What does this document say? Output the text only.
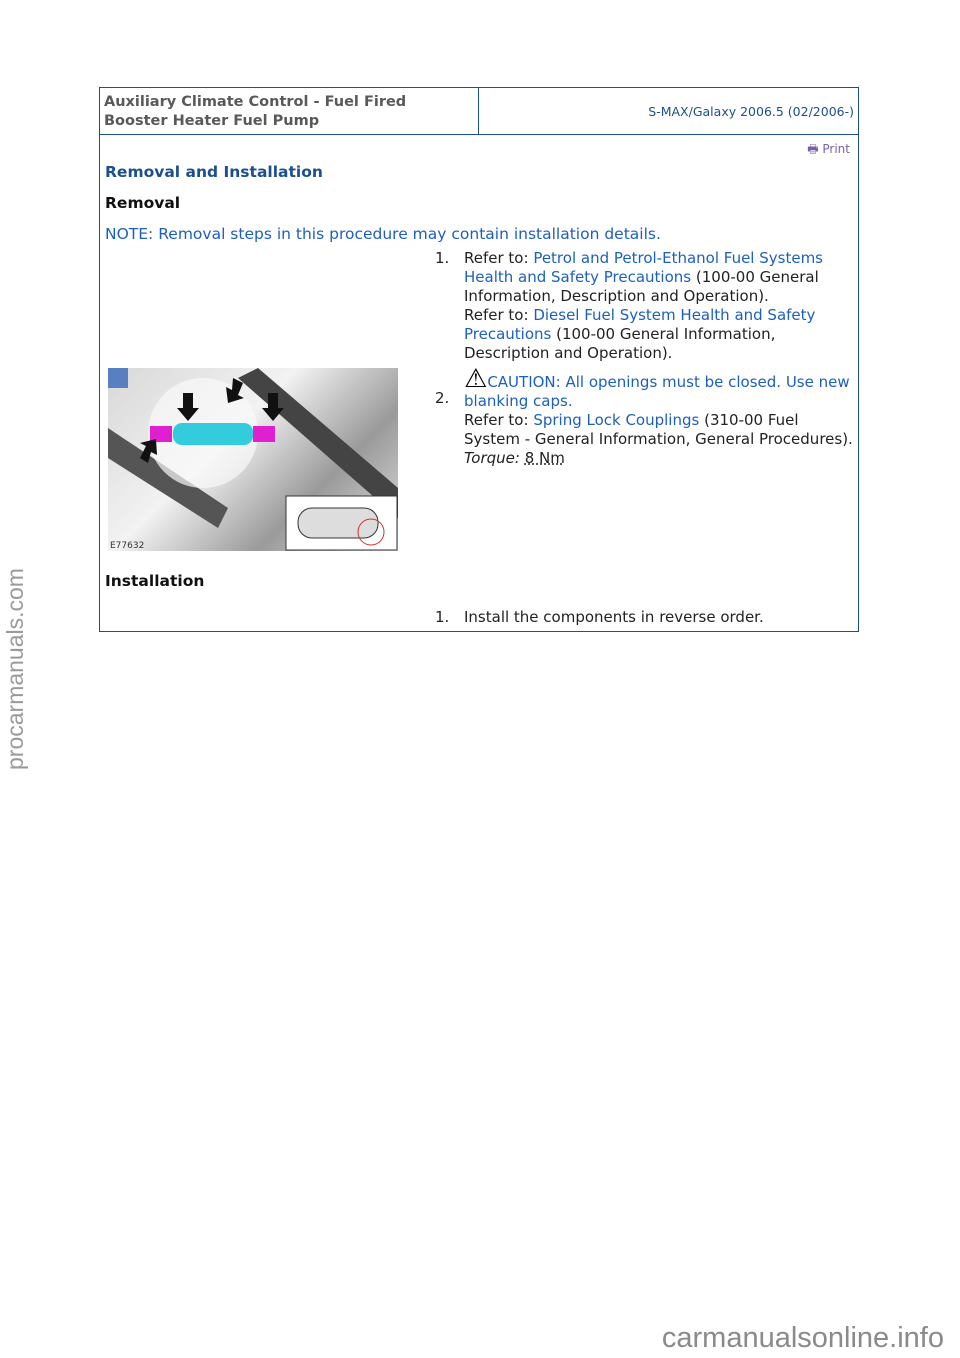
Auxiliary Climate Control - Fuel Fired
Booster Heater Fuel Pump
S-MAX/Galaxy 2006.5 (02/2006-)
🖶 Print
Removal and Installation
Removal
NOTE: Removal steps in this procedure may contain installation details.
1. Refer to: Petrol and Petrol-Ethanol Fuel Systems Health and Safety Precautions (100-00 General Information, Description and Operation).
Refer to: Diesel Fuel System Health and Safety Precautions (100-00 General Information, Description and Operation).
E77632
2.
⚠CAUTION: All openings must be closed. Use new blanking caps.
Refer to: Spring Lock Couplings (310-00 Fuel System - General Information, General Procedures).
Torque: 8 Nm
Installation
1. Install the components in reverse order.
procarmanuals.com
carmanualsonline.info
